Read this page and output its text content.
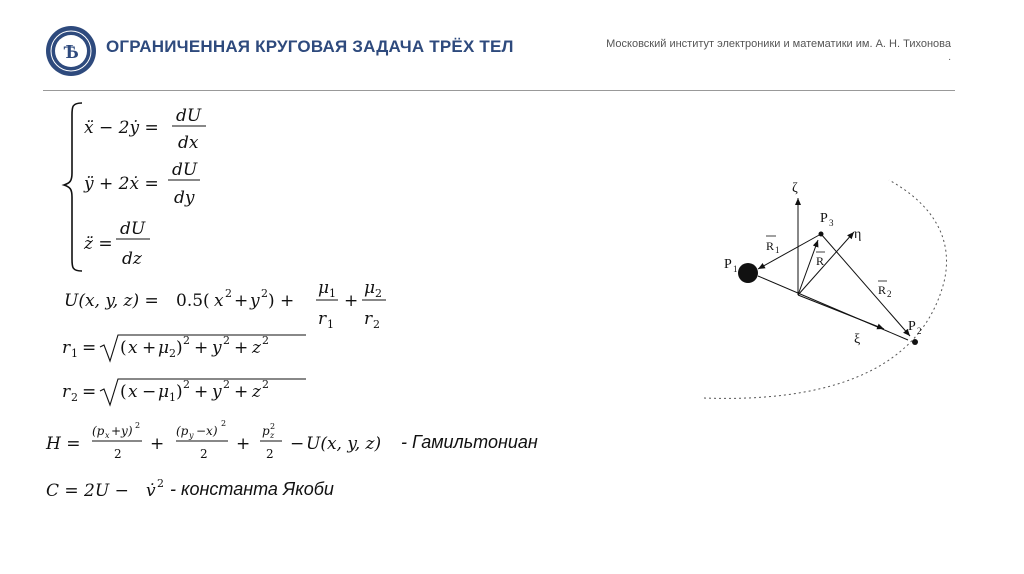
Ѣ ОГРАНИЧЕННАЯ КРУГОВАЯ ЗАДАЧА ТРЁХ ТЕЛ	Московский институт электроники и математики им. А. Н. Тихонова
.
ẍ − 2ẏ =
dU
dx
ÿ + 2ẋ =
dU
dy
z̈ =
dU
dz
U(x, y, z) = 0.5( x 2 + y 2 ) +
μ 1
r 1
+
μ 2
r 2
r 1 = ( x + μ 2 ) 2 + y 2 + z 2
r 2 = ( x − μ 1 ) 2 + y 2 + z 2
H =
(p x +y) 2
2 +
(p y −x)
2
2 +
p 2
z
2 − U(x, y, z) - Гамильтониан
C = 2U − v̇ 2 - константа Якоби
ζ
η
ξ
P 1
P 3
P 2
R 1
R
R 2
